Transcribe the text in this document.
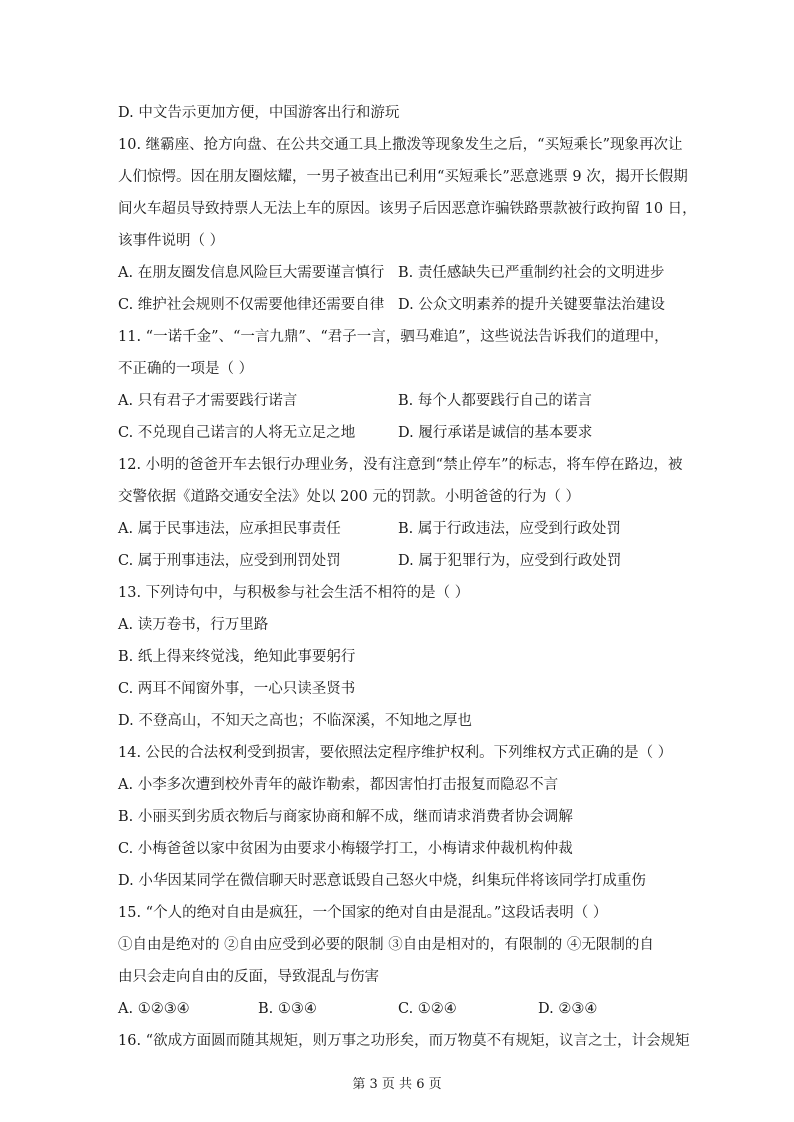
D. 中文告示更加方便，中国游客出行和游玩
10. 继霸座、抢方向盘、在公共交通工具上撒泼等现象发生之后，“买短乘长”现象再次让
人们惊愕。因在朋友圈炫耀，一男子被查出已利用“买短乘长”恶意逃票 9 次，揭开长假期
间火车超员导致持票人无法上车的原因。该男子后因恶意诈骗铁路票款被行政拘留 10 日，
该事件说明（ ）
A. 在朋友圈发信息风险巨大需要谨言慎行 B. 责任感缺失已严重制约社会的文明进步
C. 维护社会规则不仅需要他律还需要自律 D. 公众文明素养的提升关键要靠法治建设
11. “一诺千金”、“一言九鼎”、“君子一言，驷马难追”，这些说法告诉我们的道理中，
不正确的一项是（ ）
A. 只有君子才需要践行诺言	B. 每个人都要践行自己的诺言
C. 不兑现自己诺言的人将无立足之地	D. 履行承诺是诚信的基本要求
12. 小明的爸爸开车去银行办理业务，没有注意到“禁止停车”的标志，将车停在路边，被
交警依据《道路交通安全法》处以 200 元的罚款。小明爸爸的行为（ ）
A. 属于民事违法，应承担民事责任	B. 属于行政违法，应受到行政处罚
C. 属于刑事违法，应受到刑罚处罚	D. 属于犯罪行为，应受到行政处罚
13. 下列诗句中，与积极参与社会生活不相符的是（ ）
A. 读万卷书，行万里路
B. 纸上得来终觉浅，绝知此事要躬行
C. 两耳不闻窗外事，一心只读圣贤书
D. 不登高山，不知天之高也；不临深溪，不知地之厚也
14. 公民的合法权利受到损害，要依照法定程序维护权利。下列维权方式正确的是（ ）
A. 小李多次遭到校外青年的敲诈勒索，都因害怕打击报复而隐忍不言
B. 小丽买到劣质衣物后与商家协商和解不成，继而请求消费者协会调解
C. 小梅爸爸以家中贫困为由要求小梅辍学打工，小梅请求仲裁机构仲裁
D. 小华因某同学在微信聊天时恶意诋毁自己怒火中烧，纠集玩伴将该同学打成重伤
15. “个人的绝对自由是疯狂，一个国家的绝对自由是混乱。”这段话表明（ ）
①自由是绝对的 ②自由应受到必要的限制 ③自由是相对的，有限制的 ④无限制的自
由只会走向自由的反面，导致混乱与伤害
A. ①②③④	B. ①③④	C. ①②④	D. ②③④
16. “欲成方面圆而随其规矩，则万事之功形矣，而万物莫不有规矩，议言之士，计会规矩
第 3 页 共 6 页
